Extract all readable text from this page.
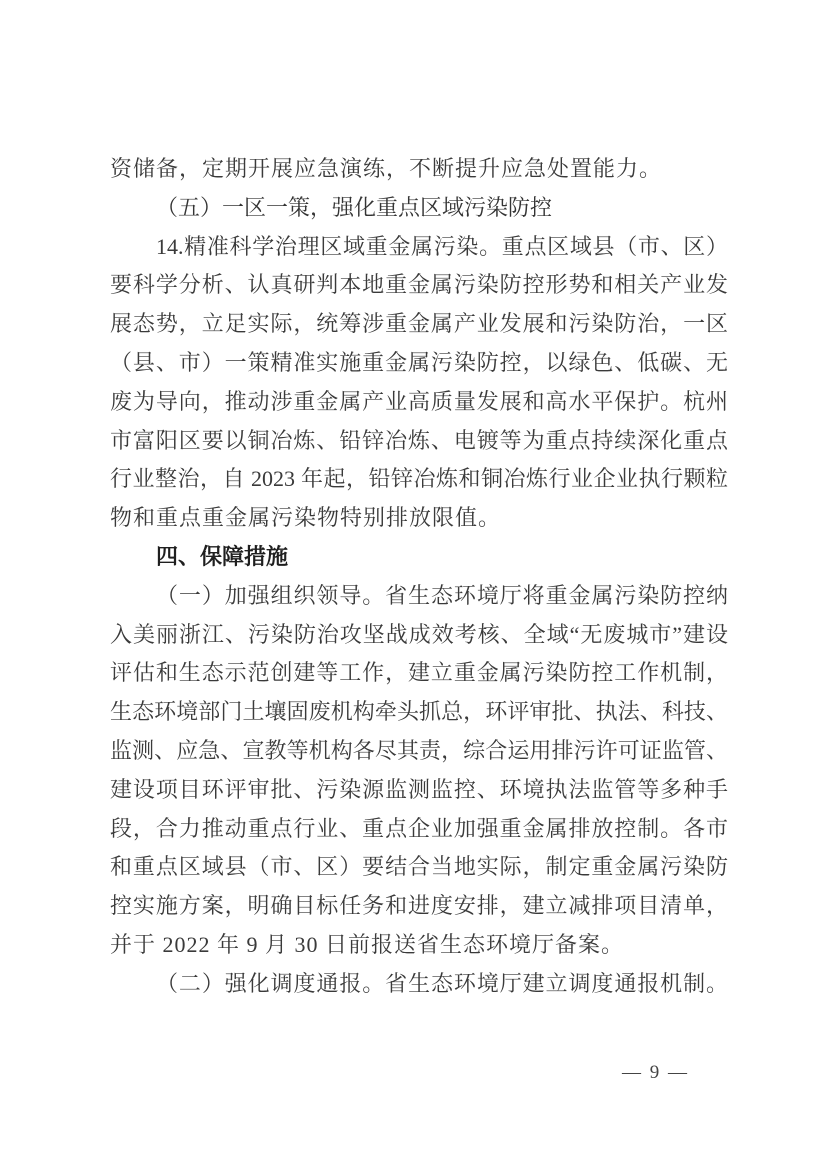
资储备，定期开展应急演练，不断提升应急处置能力。
（五）一区一策，强化重点区域污染防控
14.精准科学治理区域重金属污染。重点区域县（市、区）
要科学分析、认真研判本地重金属污染防控形势和相关产业发
展态势，立足实际，统筹涉重金属产业发展和污染防治，一区
（县、市）一策精准实施重金属污染防控，以绿色、低碳、无
废为导向，推动涉重金属产业高质量发展和高水平保护。杭州
市富阳区要以铜冶炼、铅锌冶炼、电镀等为重点持续深化重点
行业整治，自 2023 年起，铅锌冶炼和铜冶炼行业企业执行颗粒
物和重点重金属污染物特别排放限值。
四、保障措施
（一）加强组织领导。省生态环境厅将重金属污染防控纳
入美丽浙江、污染防治攻坚战成效考核、全域“无废城市”建设
评估和生态示范创建等工作，建立重金属污染防控工作机制，
生态环境部门土壤固废机构牵头抓总，环评审批、执法、科技、
监测、应急、宣教等机构各尽其责，综合运用排污许可证监管、
建设项目环评审批、污染源监测监控、环境执法监管等多种手
段，合力推动重点行业、重点企业加强重金属排放控制。各市
和重点区域县（市、区）要结合当地实际，制定重金属污染防
控实施方案，明确目标任务和进度安排，建立减排项目清单，
并于 2022 年 9 月 30 日前报送省生态环境厅备案。
（二）强化调度通报。省生态环境厅建立调度通报机制。
— 9 —
